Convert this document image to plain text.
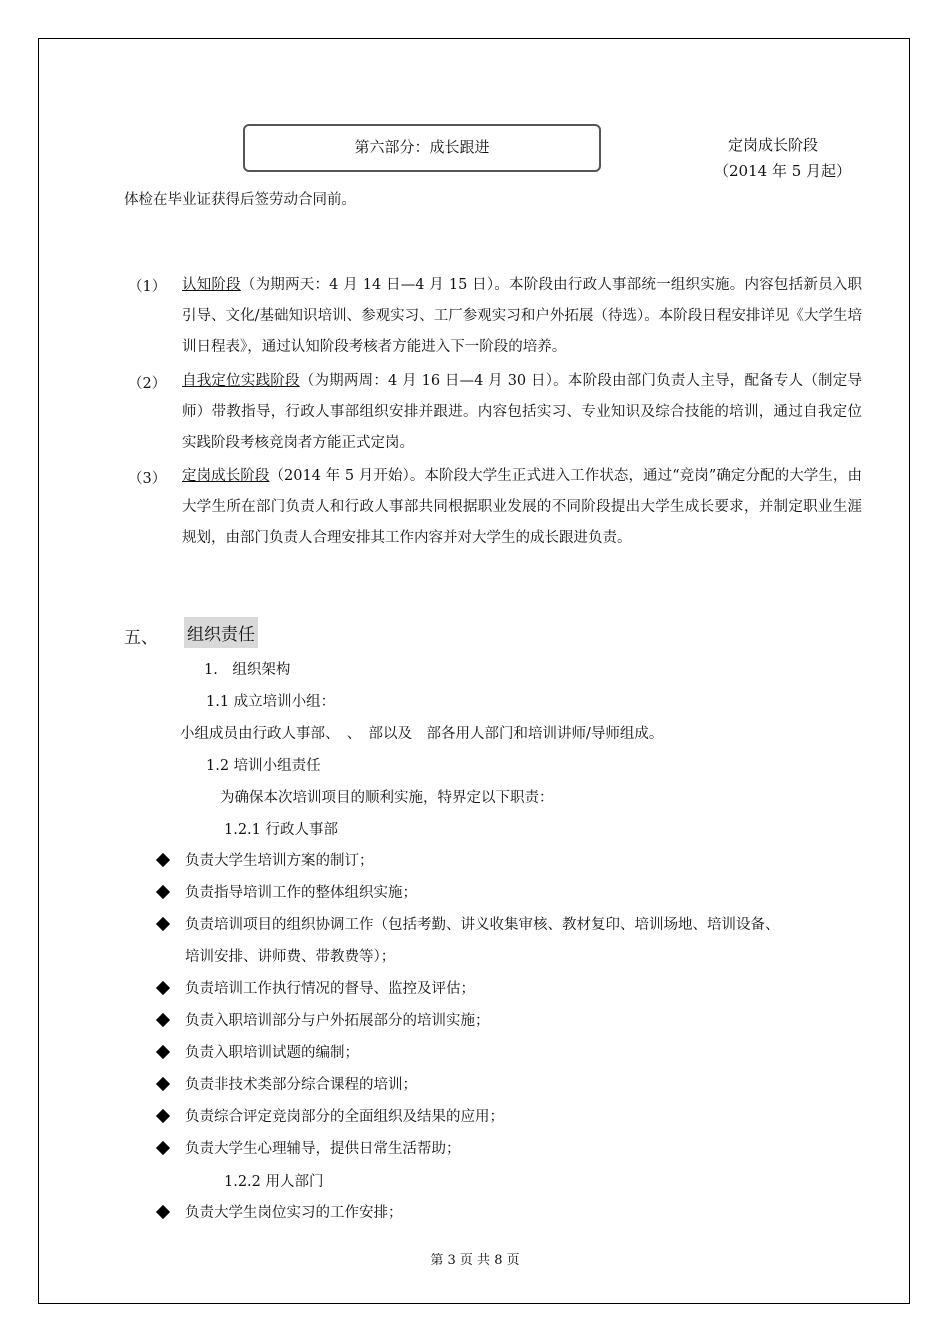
第六部分：成长跟进	定岗成长阶段
（2014 年 5 月起）
体检在毕业证获得后签劳动合同前。
（1） 认知阶段（为期两天：4 月 14 日—4 月 15 日）。本阶段由行政人事部统一组织实施。内容包括新员入职引导、文化/基础知识培训、参观实习、工厂参观实习和户外拓展（待选）。本阶段日程安排详见《大学生培训日程表》，通过认知阶段考核者方能进入下一阶段的培养。
（2） 自我定位实践阶段（为期两周：4 月 16 日—4 月 30 日）。本阶段由部门负责人主导，配备专人（制定导师）带教指导，行政人事部组织安排并跟进。内容包括实习、专业知识及综合技能的培训，通过自我定位实践阶段考核竞岗者方能正式定岗。
（3） 定岗成长阶段（2014 年 5 月开始）。本阶段大学生正式进入工作状态，通过“竞岗”确定分配的大学生，由大学生所在部门负责人和行政人事部共同根据职业发展的不同阶段提出大学生成长要求，并制定职业生涯规划，由部门负责人合理安排其工作内容并对大学生的成长跟进负责。
五、 组织责任
1.　组织架构
1.1 成立培训小组：
小组成员由行政人事部、　、　部以及　部各用人部门和培训讲师/导师组成。
1.2 培训小组责任
为确保本次培训项目的顺利实施，特界定以下职责：
1.2.1 行政人事部
负责大学生培训方案的制订；
负责指导培训工作的整体组织实施；
负责培训项目的组织协调工作（包括考勤、讲义收集审核、教材复印、培训场地、培训设备、
培训安排、讲师费、带教费等）；
负责培训工作执行情况的督导、监控及评估；
负责入职培训部分与户外拓展部分的培训实施；
负责入职培训试题的编制；
负责非技术类部分综合课程的培训；
负责综合评定竞岗部分的全面组织及结果的应用；
负责大学生心理辅导，提供日常生活帮助；
1.2.2 用人部门
负责大学生岗位实习的工作安排；
第 3 页 共 8 页
